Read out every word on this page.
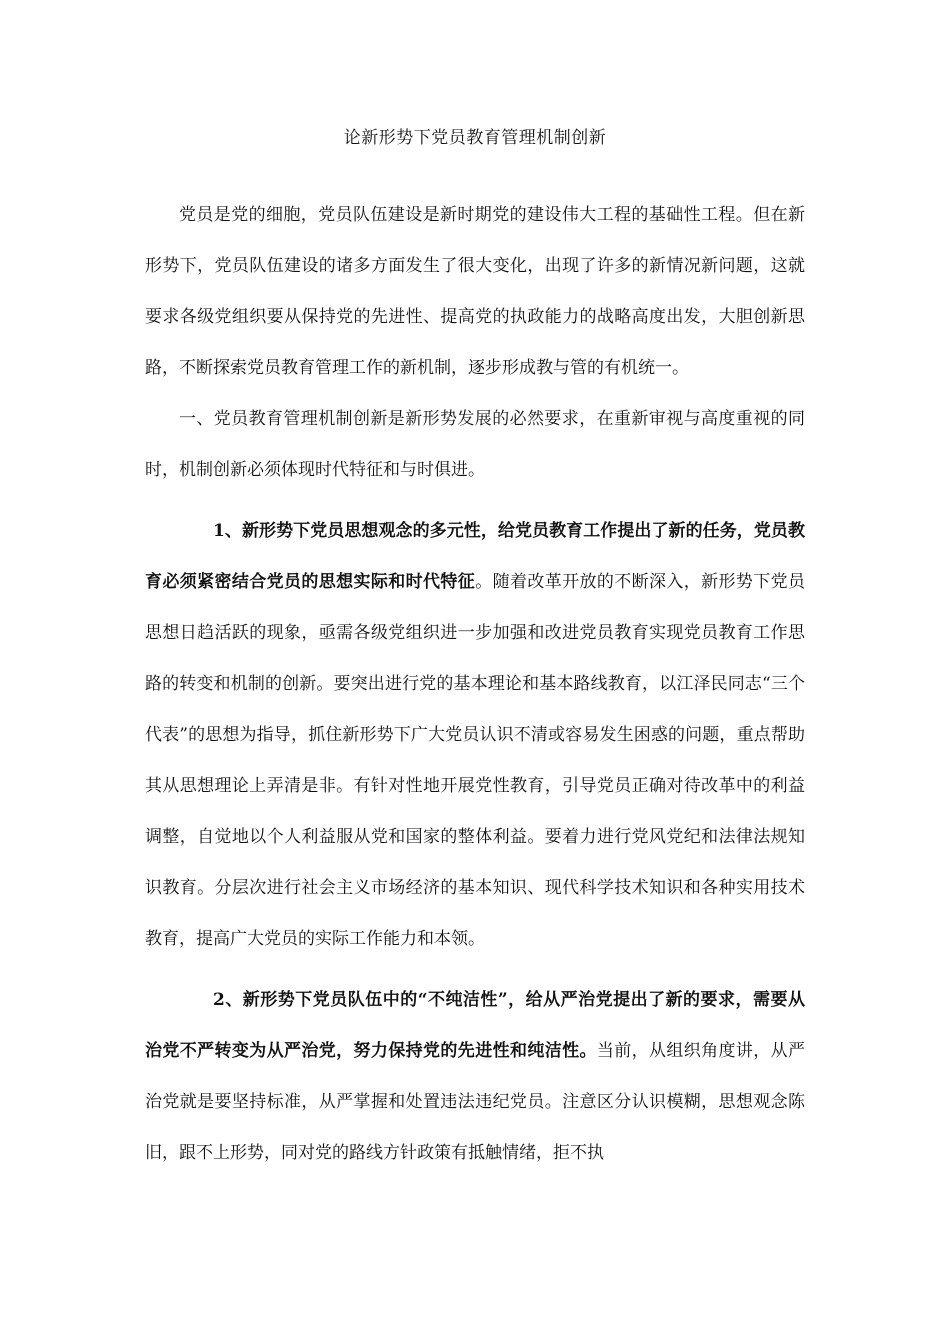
论新形势下党员教育管理机制创新

党员是党的细胞，党员队伍建设是新时期党的建设伟大工程的基础性工程。但在新形势下，党员队伍建设的诸多方面发生了很大变化，出现了许多的新情况新问题，这就要求各级党组织要从保持党的先进性、提高党的执政能力的战略高度出发，大胆创新思路，不断探索党员教育管理工作的新机制，逐步形成教与管的有机统一。

一、党员教育管理机制创新是新形势发展的必然要求，在重新审视与高度重视的同时，机制创新必须体现时代特征和与时俱进。

1、新形势下党员思想观念的多元性，给党员教育工作提出了新的任务，党员教育必须紧密结合党员的思想实际和时代特征。随着改革开放的不断深入，新形势下党员思想日趋活跃的现象，亟需各级党组织进一步加强和改进党员教育实现党员教育工作思路的转变和机制的创新。要突出进行党的基本理论和基本路线教育，以江泽民同志“三个代表”的思想为指导，抓住新形势下广大党员认识不清或容易发生困惑的问题，重点帮助其从思想理论上弄清是非。有针对性地开展党性教育，引导党员正确对待改革中的利益调整，自觉地以个人利益服从党和国家的整体利益。要着力进行党风党纪和法律法规知识教育。分层次进行社会主义市场经济的基本知识、现代科学技术知识和各种实用技术教育，提高广大党员的实际工作能力和本领。

2、新形势下党员队伍中的“不纯洁性”，给从严治党提出了新的要求，需要从治党不严转变为从严治党，努力保持党的先进性和纯洁性。当前，从组织角度讲，从严治党就是要坚持标准，从严掌握和处置违法违纪党员。注意区分认识模糊，思想观念陈旧，跟不上形势，同对党的路线方针政策有抵触情绪，拒不执
